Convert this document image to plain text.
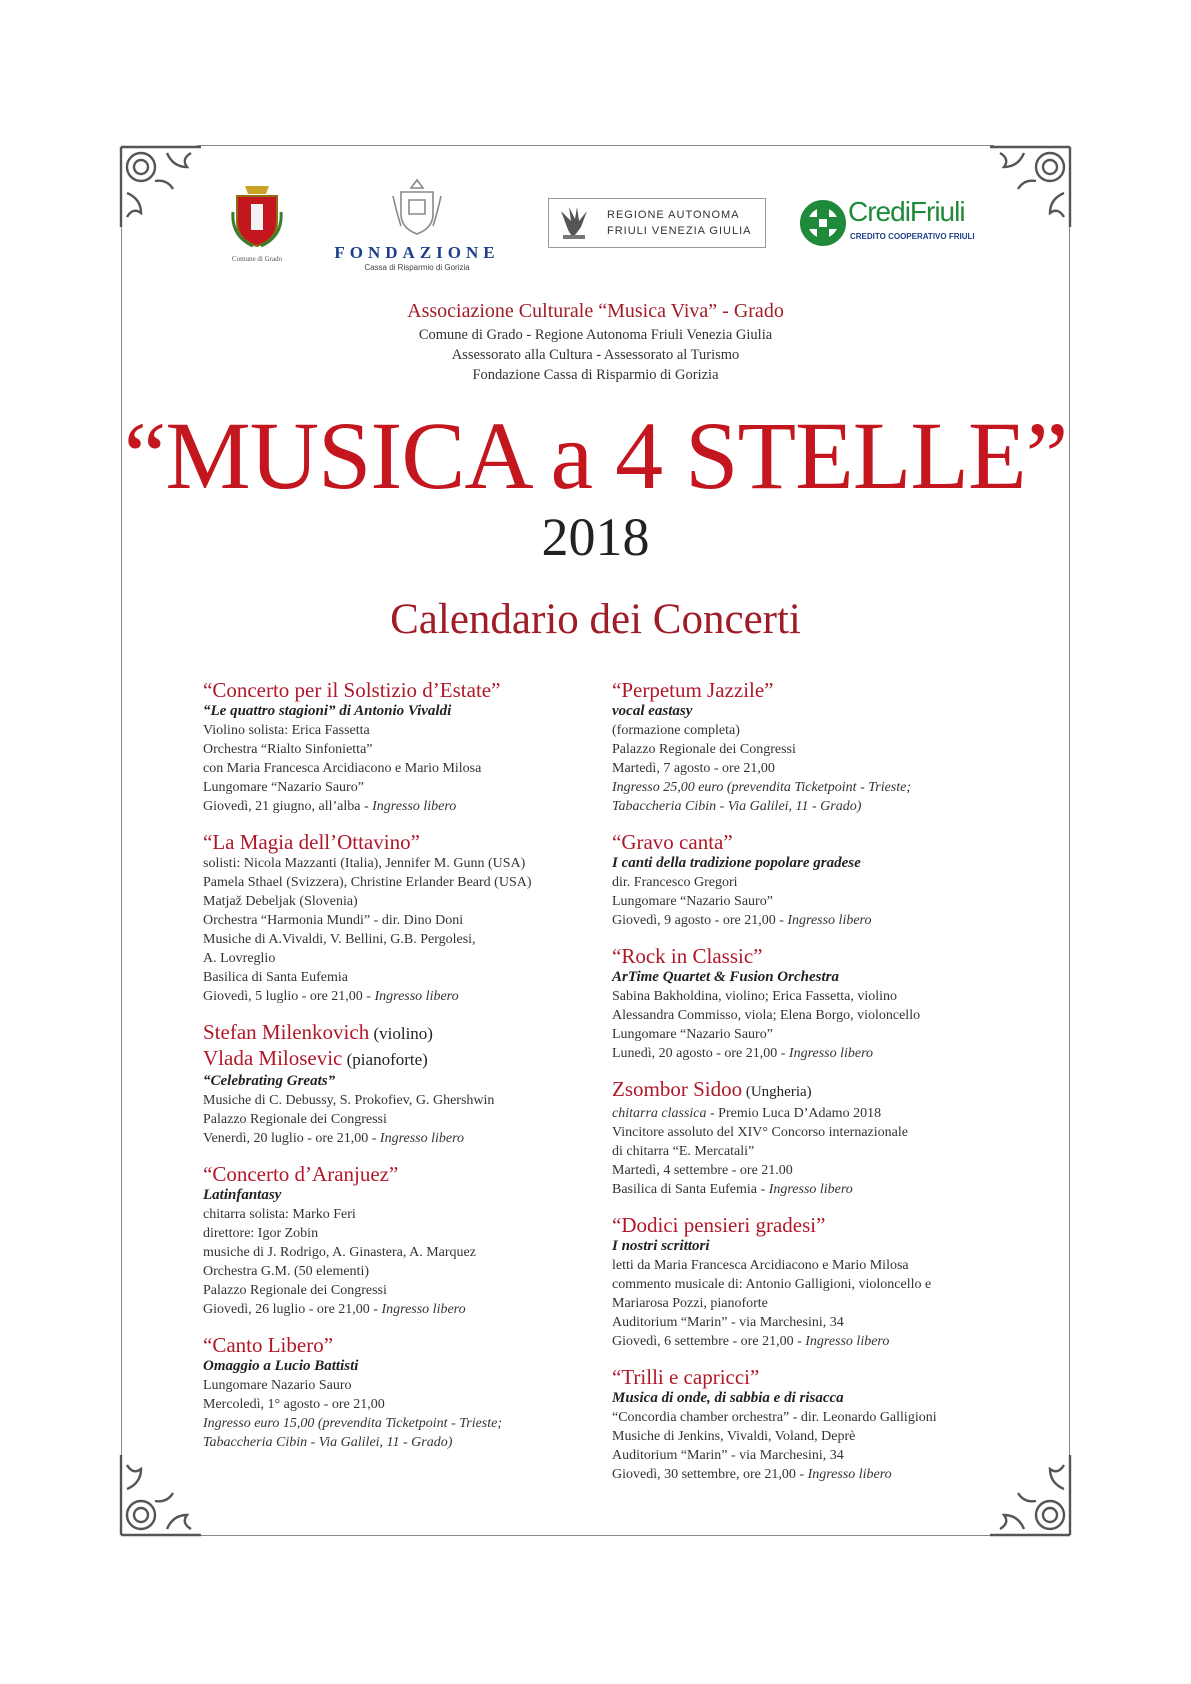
Comune di Grado	FONDAZIONE
Cassa di Risparmio di Gorizia
REGIONE AUTONOMA
FRIULI VENEZIA GIULIA
CrediFriuli
CREDITO COOPERATIVO FRIULI
Associazione Culturale “Musica Viva” - Grado
Comune di Grado - Regione Autonoma Friuli Venezia Giulia
Assessorato alla Cultura - Assessorato al Turismo
Fondazione Cassa di Risparmio di Gorizia
“MUSICA a 4 STELLE”
2018
Calendario dei Concerti
“Concerto per il Solstizio d’Estate”
“Le quattro stagioni” di Antonio Vivaldi
Violino solista: Erica Fassetta
Orchestra “Rialto Sinfonietta”
con Maria Francesca Arcidiacono e Mario Milosa
Lungomare “Nazario Sauro”
Giovedì, 21 giugno, all’alba - Ingresso libero
“La Magia dell’Ottavino”
solisti: Nicola Mazzanti (Italia), Jennifer M. Gunn (USA)
Pamela Sthael (Svizzera), Christine Erlander Beard (USA)
Matjaž Debeljak (Slovenia)
Orchestra “Harmonia Mundi” - dir. Dino Doni
Musiche di A.Vivaldi, V. Bellini, G.B. Pergolesi,
A. Lovreglio
Basilica di Santa Eufemia
Giovedì, 5 luglio - ore 21,00 - Ingresso libero
Stefan Milenkovich (violino)
Vlada Milosevic (pianoforte)
“Celebrating Greats”
Musiche di C. Debussy, S. Prokofiev, G. Ghershwin
Palazzo Regionale dei Congressi
Venerdì, 20 luglio - ore 21,00 - Ingresso libero
“Concerto d’Aranjuez”
Latinfantasy
chitarra solista: Marko Feri
direttore: Igor Zobin
musiche di J. Rodrigo, A. Ginastera, A. Marquez
Orchestra G.M. (50 elementi)
Palazzo Regionale dei Congressi
Giovedì, 26 luglio - ore 21,00 - Ingresso libero
“Canto Libero”
Omaggio a Lucio Battisti
Lungomare Nazario Sauro
Mercoledì, 1° agosto - ore 21,00
Ingresso euro 15,00 (prevendita Ticketpoint - Trieste;
Tabaccheria Cibin - Via Galilei, 11 - Grado)
“Perpetum Jazzile”
vocal eastasy
(formazione completa)
Palazzo Regionale dei Congressi
Martedì, 7 agosto - ore 21,00
Ingresso 25,00 euro (prevendita Ticketpoint - Trieste;
Tabaccheria Cibin - Via Galilei, 11 - Grado)
“Gravo canta”
I canti della tradizione popolare gradese
dir. Francesco Gregori
Lungomare “Nazario Sauro”
Giovedì, 9 agosto - ore 21,00 - Ingresso libero
“Rock in Classic”
ArTime Quartet & Fusion Orchestra
Sabina Bakholdina, violino; Erica Fassetta, violino
Alessandra Commisso, viola; Elena Borgo, violoncello
Lungomare “Nazario Sauro”
Lunedì, 20 agosto - ore 21,00 - Ingresso libero
Zsombor Sidoo (Ungheria)
chitarra classica - Premio Luca D’Adamo 2018
Vincitore assoluto del XIV° Concorso internazionale
di chitarra “E. Mercatali”
Martedì, 4 settembre - ore 21.00
Basilica di Santa Eufemia - Ingresso libero
“Dodici pensieri gradesi”
I nostri scrittori
letti da Maria Francesca Arcidiacono e Mario Milosa
commento musicale di: Antonio Galligioni, violoncello e
Mariarosa Pozzi, pianoforte
Auditorium “Marin” - via Marchesini, 34
Giovedì, 6 settembre - ore 21,00 - Ingresso libero
“Trilli e capricci”
Musica di onde, di sabbia e di risacca
“Concordia chamber orchestra” - dir. Leonardo Galligioni
Musiche di Jenkins, Vivaldi, Voland, Deprè
Auditorium “Marin” - via Marchesini, 34
Giovedì, 30 settembre, ore 21,00 - Ingresso libero
